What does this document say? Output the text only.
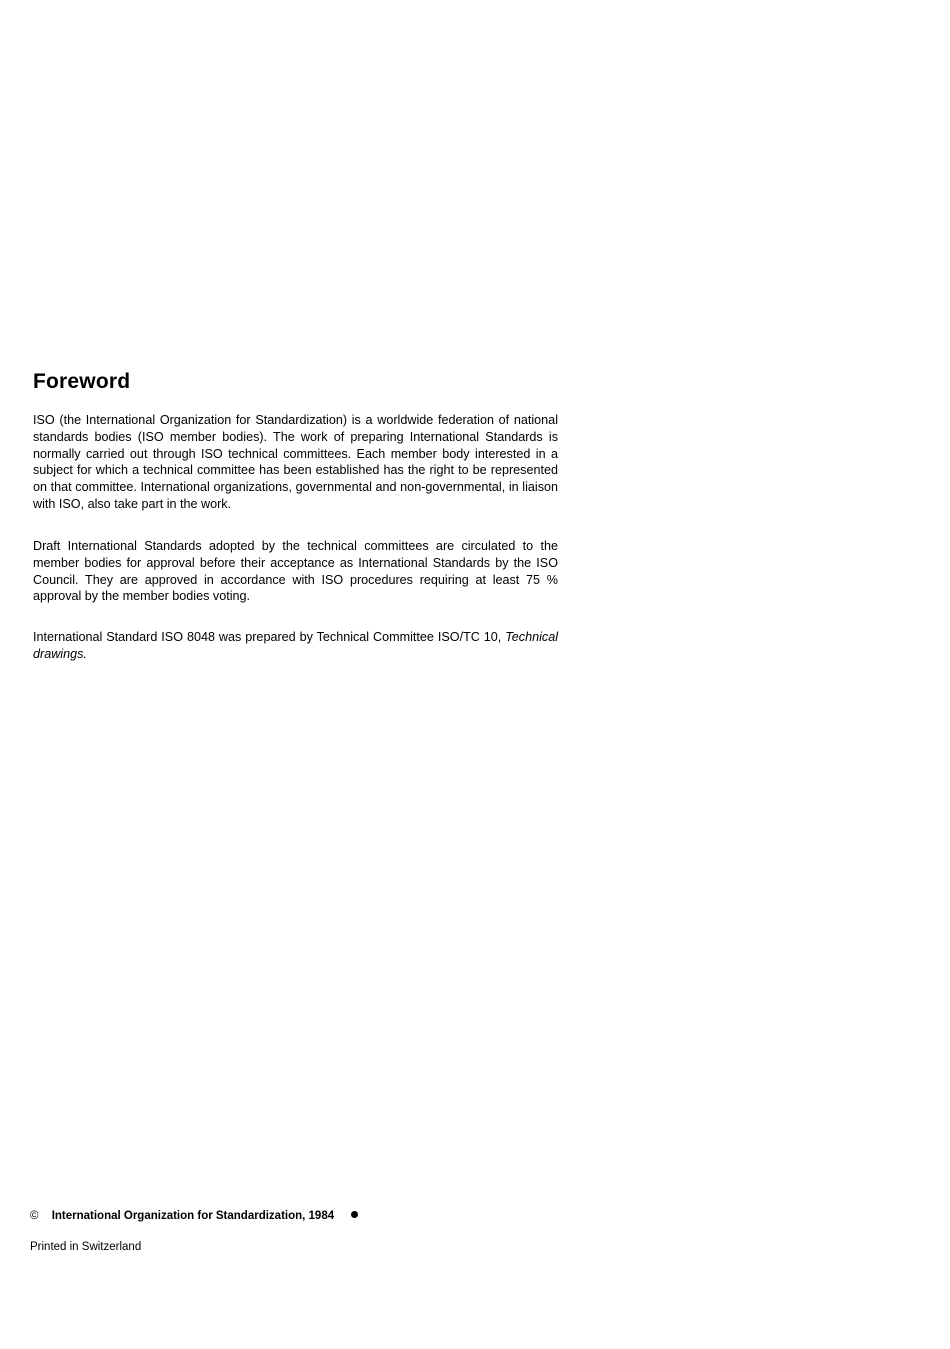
Foreword
ISO (the International Organization for Standardization) is a worldwide federation of national standards bodies (ISO member bodies). The work of preparing International Standards is normally carried out through ISO technical committees. Each member body interested in a subject for which a technical committee has been established has the right to be represented on that committee. International organizations, governmental and non-governmental, in liaison with ISO, also take part in the work.
Draft International Standards adopted by the technical committees are circulated to the member bodies for approval before their acceptance as International Standards by the ISO Council. They are approved in accordance with ISO procedures requiring at least 75 % approval by the member bodies voting.
International Standard ISO 8048 was prepared by Technical Committee ISO/TC 10, Technical drawings.
© International Organization for Standardization, 1984
Printed in Switzerland
